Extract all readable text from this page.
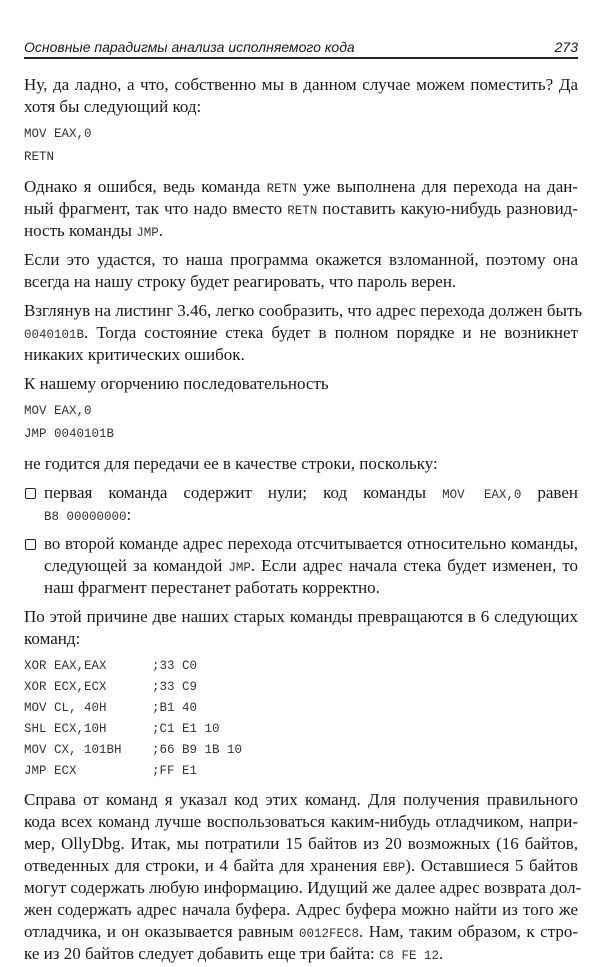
Основные парадигмы анализа исполняемого кода	273
Ну, да ладно, а что, собственно мы в данном случае можем поместить? Да
хотя бы следующий код:
MOV EAX,0
RETN
Однако я ошибся, ведь команда RETN уже выполнена для перехода на дан-
ный фрагмент, так что надо вместо RETN поставить какую-нибудь разновид-
ность команды JMP.
Если это удастся, то наша программа окажется взломанной, поэтому она
всегда на нашу строку будет реагировать, что пароль верен.
Взглянув на листинг 3.46, легко сообразить, что адрес перехода должен быть
0040101B. Тогда состояние стека будет в полном порядке и не возникнет
никаких критических ошибок.
К нашему огорчению последовательность
MOV EAX,0
JMP 0040101B
не годится для передачи ее в качестве строки, поскольку:
первая команда содержит нули; код команды MOV EAX,0 равен
B8 00000000:
во второй команде адрес перехода отсчитывается относительно команды,
следующей за командой JMP. Если адрес начала стека будет изменен, то
наш фрагмент перестанет работать корректно.
По этой причине две наших старых команды превращаются в 6 следующих
команд:
XOR EAX,EAX	;33 C0
XOR ECX,ECX	;33 C9
MOV CL, 40H	;B1 40
SHL ECX,10H	;C1 E1 10
MOV CX, 101BH	;66 B9 1B 10
JMP ECX	;FF E1
Справа от команд я указал код этих команд. Для получения правильного
кода всех команд лучше воспользоваться каким-нибудь отладчиком, напри-
мер, OllyDbg. Итак, мы потратили 15 байтов из 20 возможных (16 байтов,
отведенных для строки, и 4 байта для хранения EBP). Оставшиеся 5 байтов
могут содержать любую информацию. Идущий же далее адрес возврата дол-
жен содержать адрес начала буфера. Адрес буфера можно найти из того же
отладчика, и он оказывается равным 0012FEC8. Нам, таким образом, к стро-
ке из 20 байтов следует добавить еще три байта: C8 FE 12.
